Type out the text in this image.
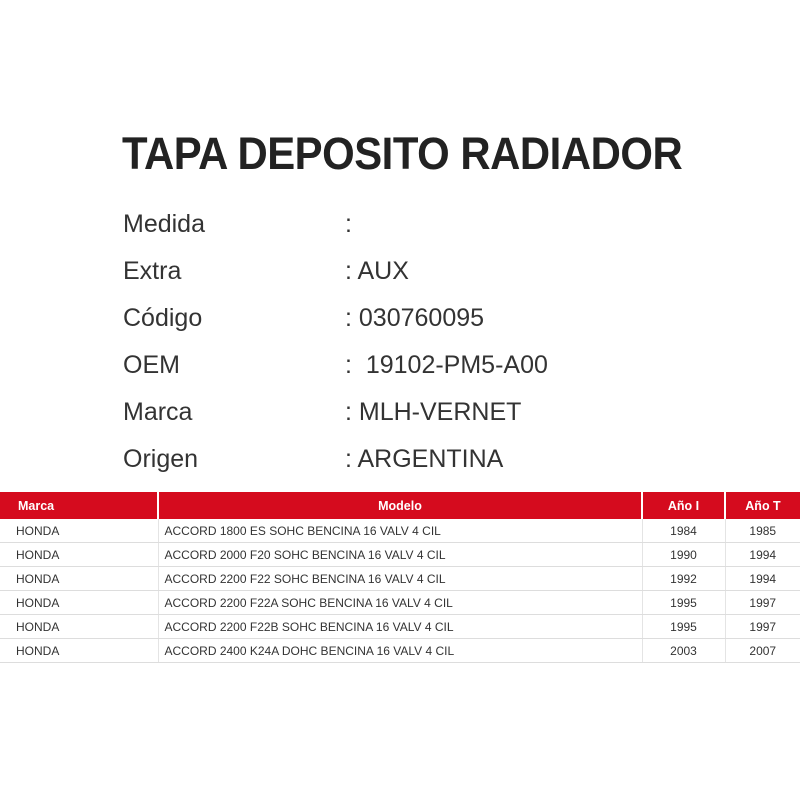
TAPA DEPOSITO RADIADOR
Medida	:
Extra	: AUX
Código	: 030760095
OEM	:  19102-PM5-A00
Marca	: MLH-VERNET
Origen	: ARGENTINA
Marca	Modelo	Año I	Año T
HONDA	ACCORD 1800 ES SOHC BENCINA 16 VALV 4 CIL	1984	1985
HONDA	ACCORD 2000 F20 SOHC BENCINA 16 VALV 4 CIL	1990	1994
HONDA	ACCORD 2200 F22 SOHC BENCINA 16 VALV 4 CIL	1992	1994
HONDA	ACCORD 2200 F22A SOHC BENCINA 16 VALV 4 CIL	1995	1997
HONDA	ACCORD 2200 F22B SOHC BENCINA 16 VALV 4 CIL	1995	1997
HONDA	ACCORD 2400 K24A DOHC BENCINA 16 VALV 4 CIL	2003	2007
